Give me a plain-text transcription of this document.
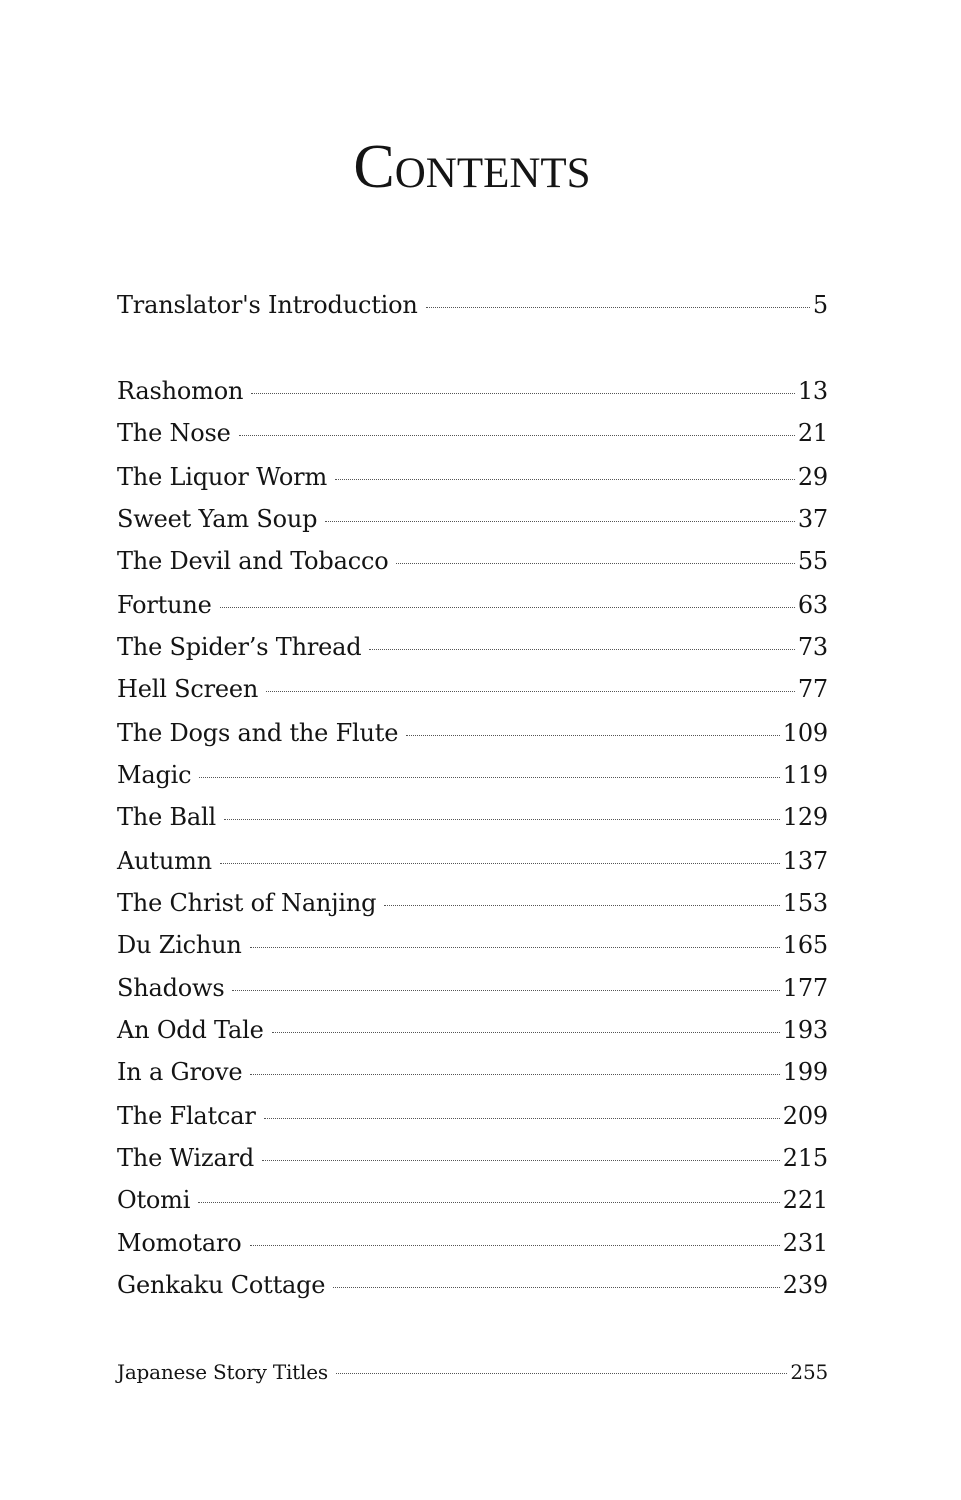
Contents
Translator's Introduction	5
Rashomon	13
The Nose	21
The Liquor Worm	29
Sweet Yam Soup	37
The Devil and Tobacco	55
Fortune	63
The Spider’s Thread	73
Hell Screen	77
The Dogs and the Flute	109
Magic	119
The Ball	129
Autumn	137
The Christ of Nanjing	153
Du Zichun	165
Shadows	177
An Odd Tale	193
In a Grove	199
The Flatcar	209
The Wizard	215
Otomi	221
Momotaro	231
Genkaku Cottage	239
Japanese Story Titles	255
